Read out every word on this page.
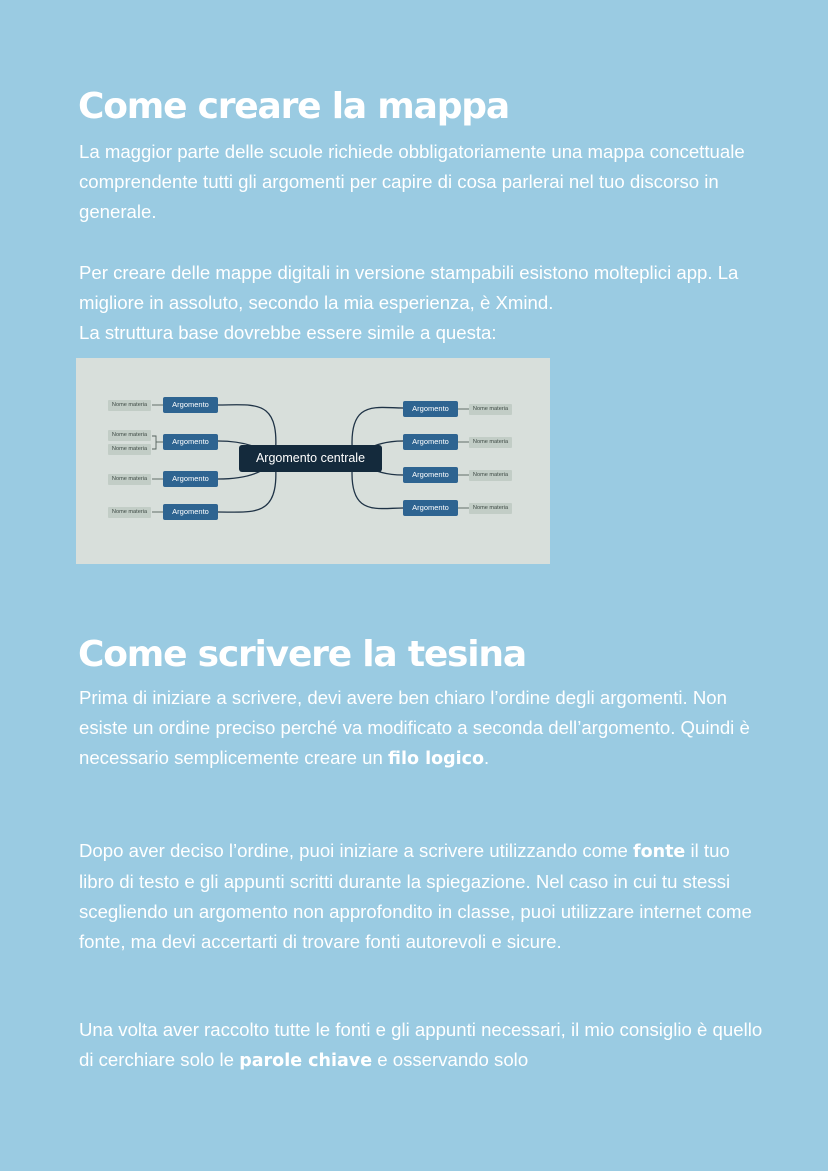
Come creare la mappa

La maggior parte delle scuole richiede obbligatoriamente una mappa concettuale comprendente tutti gli argomenti per capire di cosa parlerai nel tuo discorso in generale.

Per creare delle mappe digitali in versione stampabili esistono molteplici app. La migliore in assoluto, secondo la mia esperienza, è Xmind.
La struttura base dovrebbe essere simile a questa:

Nome materia	Argomento
Nome materia
Nome materia
Argomento
Nome materia	Argomento
Nome materia	Argomento
Argomento centrale
Argomento	Nome materia
Argomento	Nome materia
Argomento	Nome materia
Argomento	Nome materia
Come scrivere la tesina

Prima di iniziare a scrivere, devi avere ben chiaro l’ordine degli argomenti. Non esiste un ordine preciso perché va modificato a seconda dell’argomento. Quindi è necessario semplicemente creare un filo logico.

Dopo aver deciso l’ordine, puoi iniziare a scrivere utilizzando come fonte il tuo libro di testo e gli appunti scritti durante la spiegazione. Nel caso in cui tu stessi scegliendo un argomento non approfondito in classe, puoi utilizzare internet come fonte, ma devi accertarti di trovare fonti autorevoli e sicure.

Una volta aver raccolto tutte le fonti e gli appunti necessari, il mio consiglio è quello di cerchiare solo le parole chiave e osservando solo
